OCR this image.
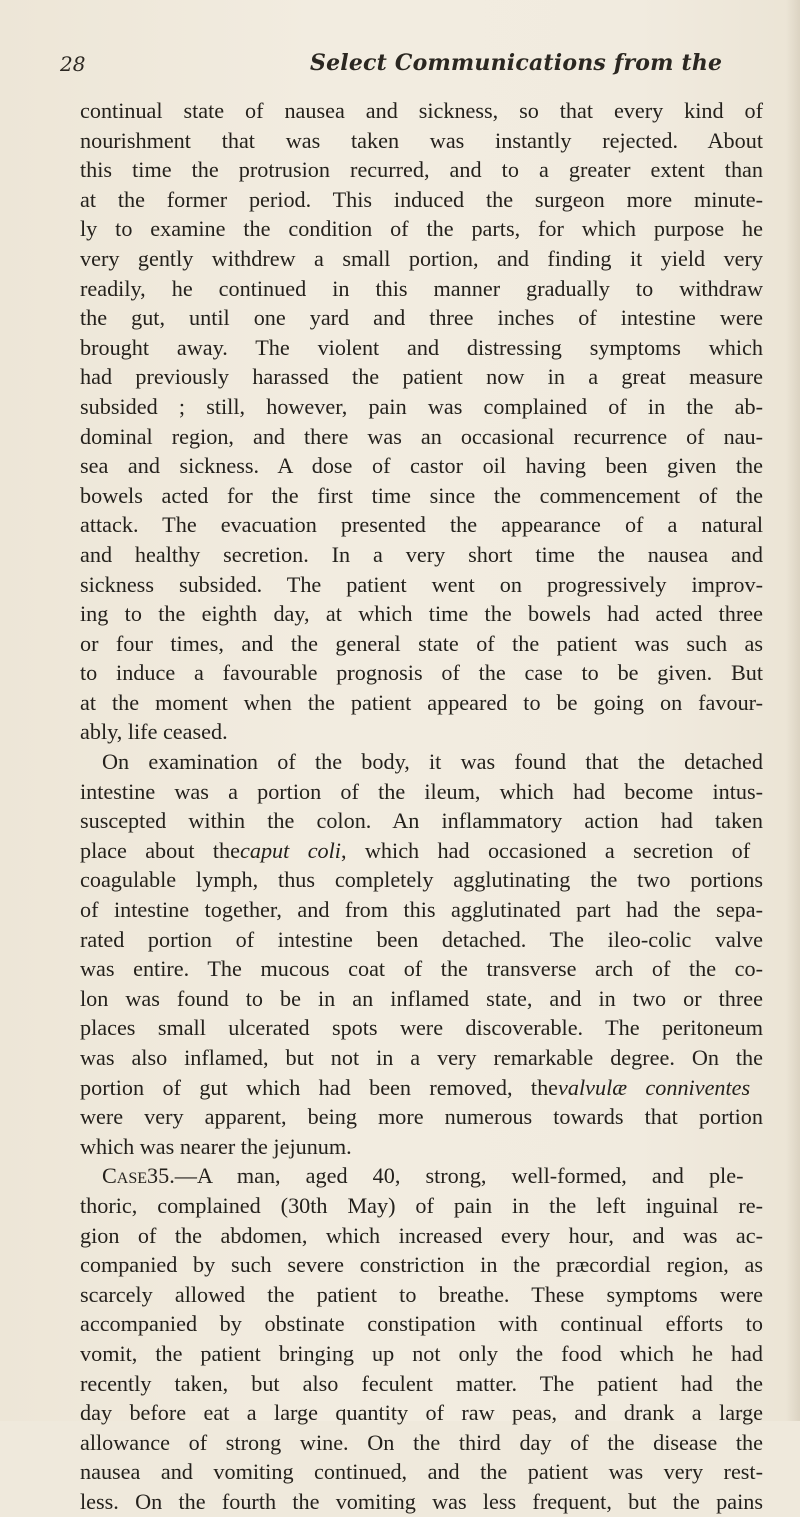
28	Select Communications from the
continual state of nausea and sickness, so that every kind of
nourishment that was taken was instantly rejected. About
this time the protrusion recurred, and to a greater extent than
at the former period. This induced the surgeon more minute-
ly to examine the condition of the parts, for which purpose he
very gently withdrew a small portion, and finding it yield very
readily, he continued in this manner gradually to withdraw
the gut, until one yard and three inches of intestine were
brought away. The violent and distressing symptoms which
had previously harassed the patient now in a great measure
subsided ; still, however, pain was complained of in the ab-
dominal region, and there was an occasional recurrence of nau-
sea and sickness. A dose of castor oil having been given the
bowels acted for the first time since the commencement of the
attack. The evacuation presented the appearance of a natural
and healthy secretion. In a very short time the nausea and
sickness subsided. The patient went on progressively improv-
ing to the eighth day, at which time the bowels had acted three
or four times, and the general state of the patient was such as
to induce a favourable prognosis of the case to be given. But
at the moment when the patient appeared to be going on favour-
ably, life ceased.
On examination of the body, it was found that the detached
intestine was a portion of the ileum, which had become intus-
suscepted within the colon. An inflammatory action had taken
place about the caput coli , which had occasioned a secretion of
coagulable lymph, thus completely agglutinating the two portions
of intestine together, and from this agglutinated part had the sepa-
rated portion of intestine been detached. The ileo-colic valve
was entire. The mucous coat of the transverse arch of the co-
lon was found to be in an inflamed state, and in two or three
places small ulcerated spots were discoverable. The peritoneum
was also inflamed, but not in a very remarkable degree. On the
portion of gut which had been removed, the valvulæ conniventes
were very apparent, being more numerous towards that portion
which was nearer the jejunum.
Case 35.—A man, aged 40, strong, well-formed, and ple-
thoric, complained (30th May) of pain in the left inguinal re-
gion of the abdomen, which increased every hour, and was ac-
companied by such severe constriction in the præcordial region, as
scarcely allowed the patient to breathe. These symptoms were
accompanied by obstinate constipation with continual efforts to
vomit, the patient bringing up not only the food which he had
recently taken, but also feculent matter. The patient had the
day before eat a large quantity of raw peas, and drank a large
allowance of strong wine. On the third day of the disease the
nausea and vomiting continued, and the patient was very rest-
less. On the fourth the vomiting was less frequent, but the pains
